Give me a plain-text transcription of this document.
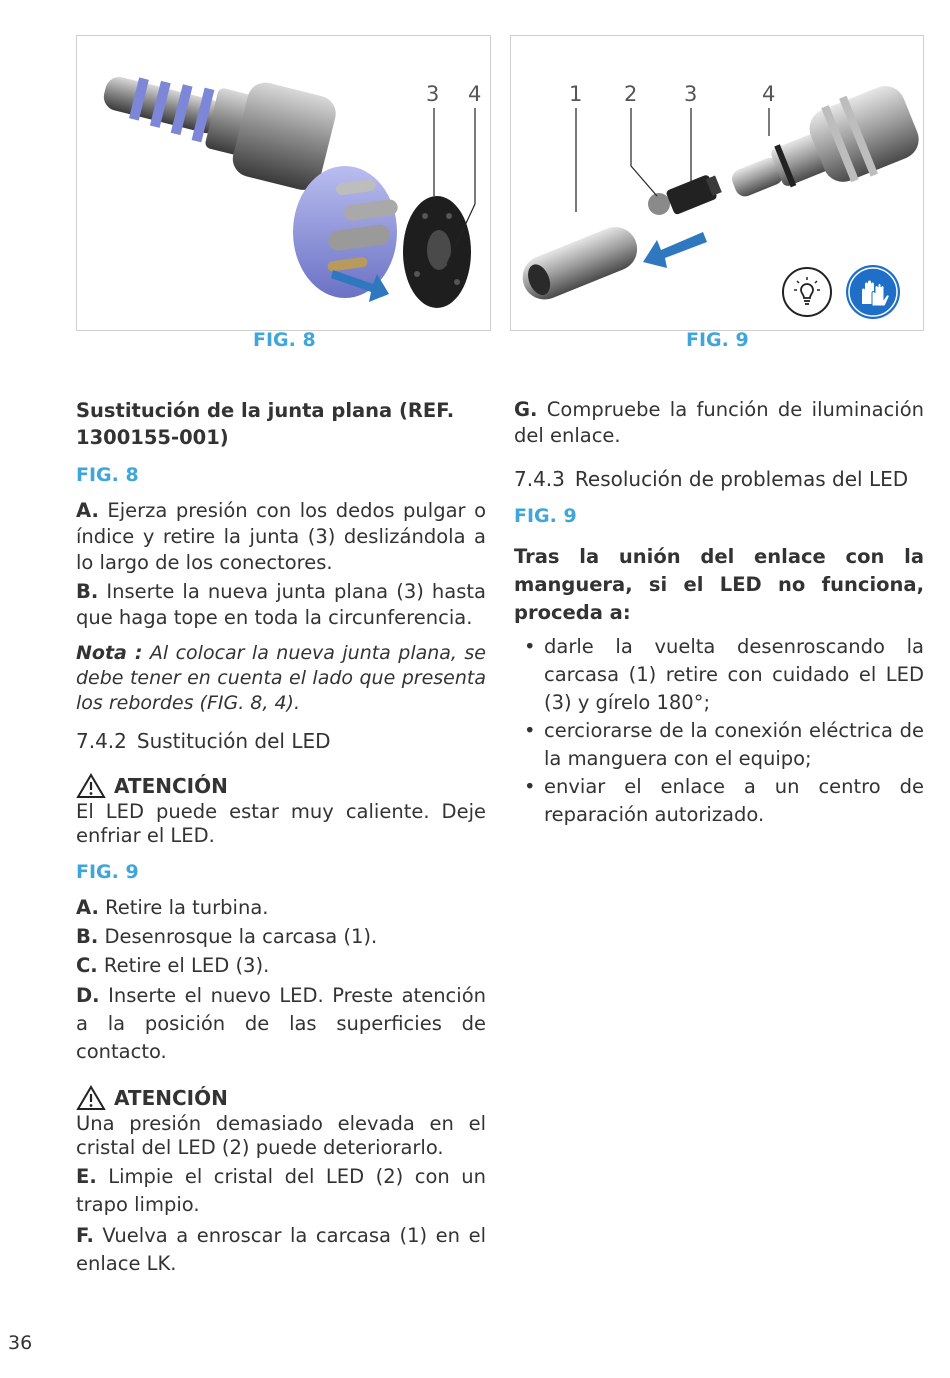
3 4
FIG. 8
1 2 3	4
FIG. 9
Sustitución de la junta plana (REF. 1300155-001)
FIG. 8
A. Ejerza presión con los dedos pulgar o índice y retire la junta (3) deslizándola a lo largo de los conectores.
B. Inserte la nueva junta plana (3) hasta que haga tope en toda la circunferencia.
Nota : Al colocar la nueva junta plana, se debe tener en cuenta el lado que presenta los rebordes (FIG. 8, 4).
7.4.2 Sustitución del LED
ATENCIÓN
El LED puede estar muy caliente. Deje enfriar el LED.
FIG. 9
A. Retire la turbina.
B. Desenrosque la carcasa (1).
C. Retire el LED (3).
D. Inserte el nuevo LED. Preste atención a la posición de las superficies de contacto.
ATENCIÓN
Una presión demasiado elevada en el cristal del LED (2) puede deteriorarlo.
E. Limpie el cristal del LED (2) con un trapo limpio.
F. Vuelva a enroscar la carcasa (1) en el enlace LK.
G. Compruebe la función de iluminación del enlace.
7.4.3 Resolución de problemas del LED
FIG. 9
Tras la unión del enlace con la manguera, si el LED no funciona, proceda a:
• darle la vuelta desenroscando la carcasa (1) retire con cuidado el LED (3) y gírelo 180°;
• cerciorarse de la conexión eléctrica de la manguera con el equipo;
• enviar el enlace a un centro de reparación autorizado.
36
